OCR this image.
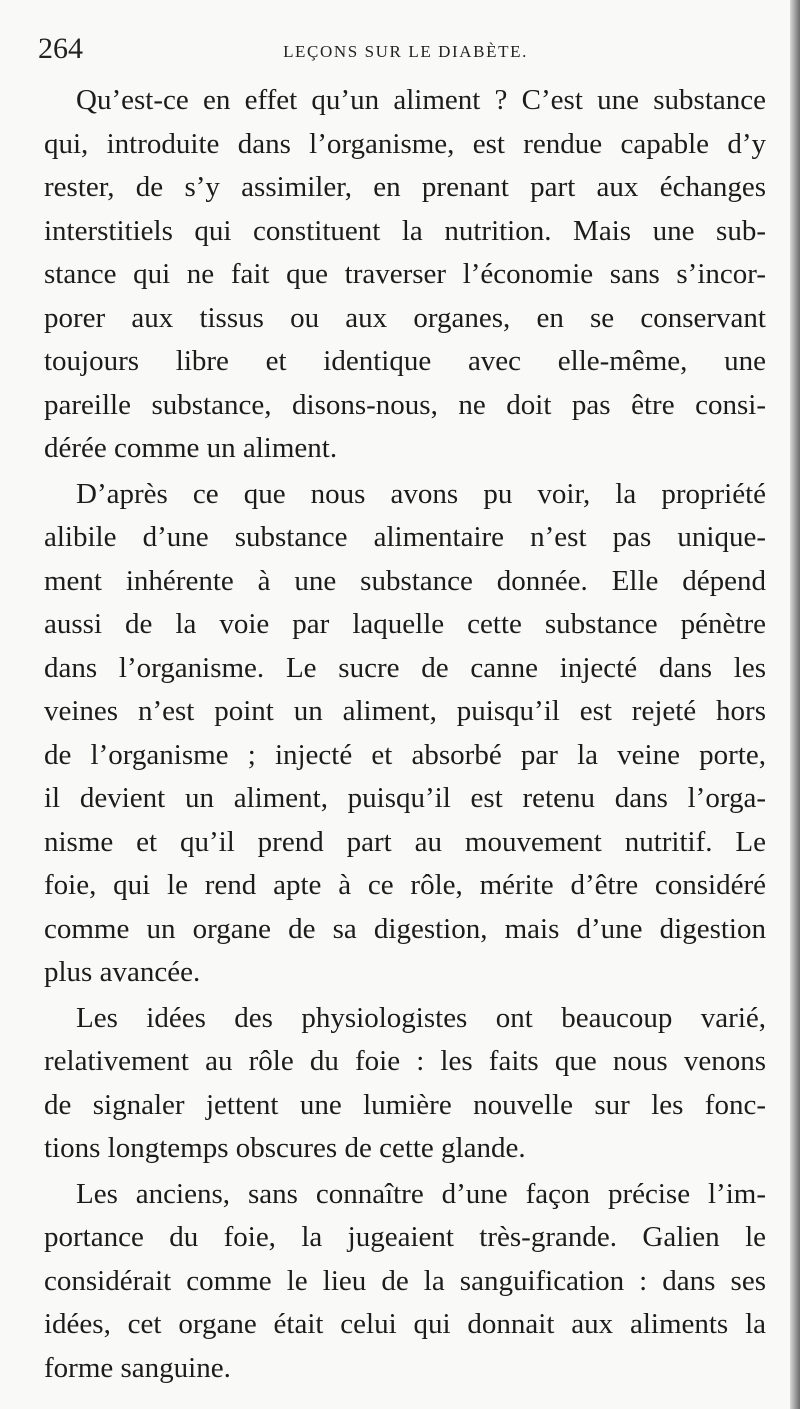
264	LEÇONS SUR LE DIABÈTE.
Qu’est-ce en effet qu’un aliment ? C’est une substance
qui, introduite dans l’organisme, est rendue capable d’y
rester, de s’y assimiler, en prenant part aux échanges
interstitiels qui constituent la nutrition. Mais une sub-
stance qui ne fait que traverser l’économie sans s’incor-
porer aux tissus ou aux organes, en se conservant
toujours libre et identique avec elle-même, une
pareille substance, disons-nous, ne doit pas être consi-
dérée comme un aliment.
D’après ce que nous avons pu voir, la propriété
alibile d’une substance alimentaire n’est pas unique-
ment inhérente à une substance donnée. Elle dépend
aussi de la voie par laquelle cette substance pénètre
dans l’organisme. Le sucre de canne injecté dans les
veines n’est point un aliment, puisqu’il est rejeté hors
de l’organisme ; injecté et absorbé par la veine porte,
il devient un aliment, puisqu’il est retenu dans l’orga-
nisme et qu’il prend part au mouvement nutritif. Le
foie, qui le rend apte à ce rôle, mérite d’être considéré
comme un organe de sa digestion, mais d’une digestion
plus avancée.
Les idées des physiologistes ont beaucoup varié,
relativement au rôle du foie : les faits que nous venons
de signaler jettent une lumière nouvelle sur les fonc-
tions longtemps obscures de cette glande.
Les anciens, sans connaître d’une façon précise l’im-
portance du foie, la jugeaient très-grande. Galien le
considérait comme le lieu de la sanguification : dans ses
idées, cet organe était celui qui donnait aux aliments la
forme sanguine.
